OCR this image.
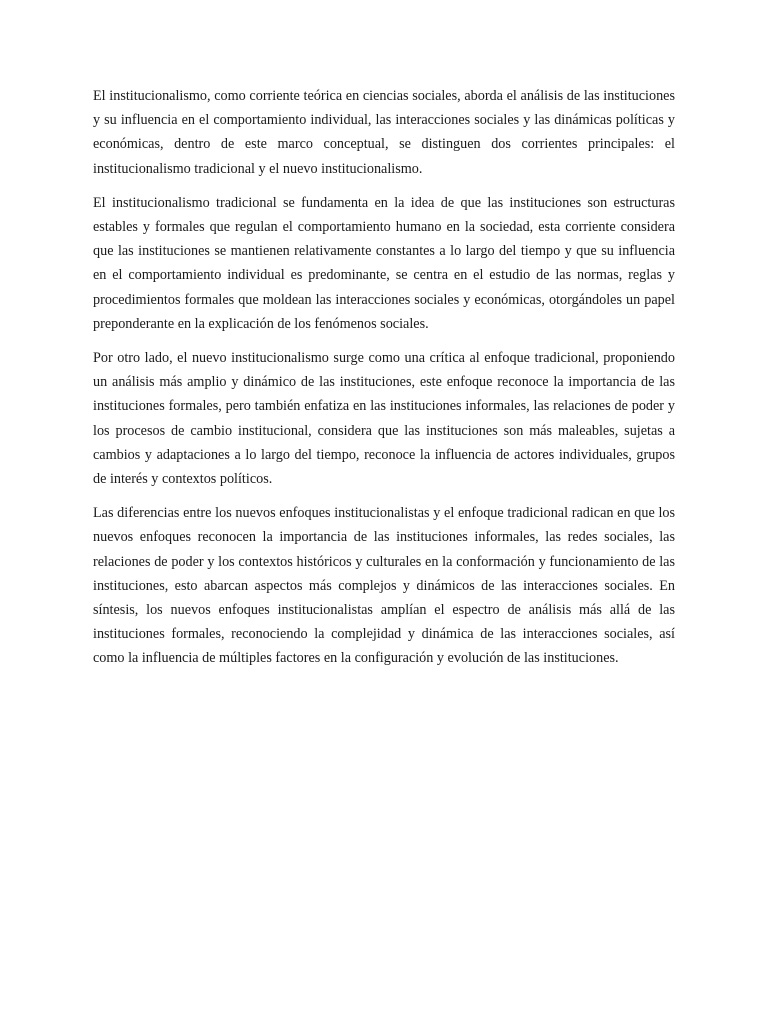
El institucionalismo, como corriente teórica en ciencias sociales, aborda el análisis de las instituciones y su influencia en el comportamiento individual, las interacciones sociales y las dinámicas políticas y económicas, dentro de este marco conceptual, se distinguen dos corrientes principales: el institucionalismo tradicional y el nuevo institucionalismo.

El institucionalismo tradicional se fundamenta en la idea de que las instituciones son estructuras estables y formales que regulan el comportamiento humano en la sociedad, esta corriente considera que las instituciones se mantienen relativamente constantes a lo largo del tiempo y que su influencia en el comportamiento individual es predominante, se centra en el estudio de las normas, reglas y procedimientos formales que moldean las interacciones sociales y económicas, otorgándoles un papel preponderante en la explicación de los fenómenos sociales.

Por otro lado, el nuevo institucionalismo surge como una crítica al enfoque tradicional, proponiendo un análisis más amplio y dinámico de las instituciones, este enfoque reconoce la importancia de las instituciones formales, pero también enfatiza en las instituciones informales, las relaciones de poder y los procesos de cambio institucional, considera que las instituciones son más maleables, sujetas a cambios y adaptaciones a lo largo del tiempo, reconoce la influencia de actores individuales, grupos de interés y contextos políticos.

Las diferencias entre los nuevos enfoques institucionalistas y el enfoque tradicional radican en que los nuevos enfoques reconocen la importancia de las instituciones informales, las redes sociales, las relaciones de poder y los contextos históricos y culturales en la conformación y funcionamiento de las instituciones, esto abarcan aspectos más complejos y dinámicos de las interacciones sociales. En síntesis, los nuevos enfoques institucionalistas amplían el espectro de análisis más allá de las instituciones formales, reconociendo la complejidad y dinámica de las interacciones sociales, así como la influencia de múltiples factores en la configuración y evolución de las instituciones.
